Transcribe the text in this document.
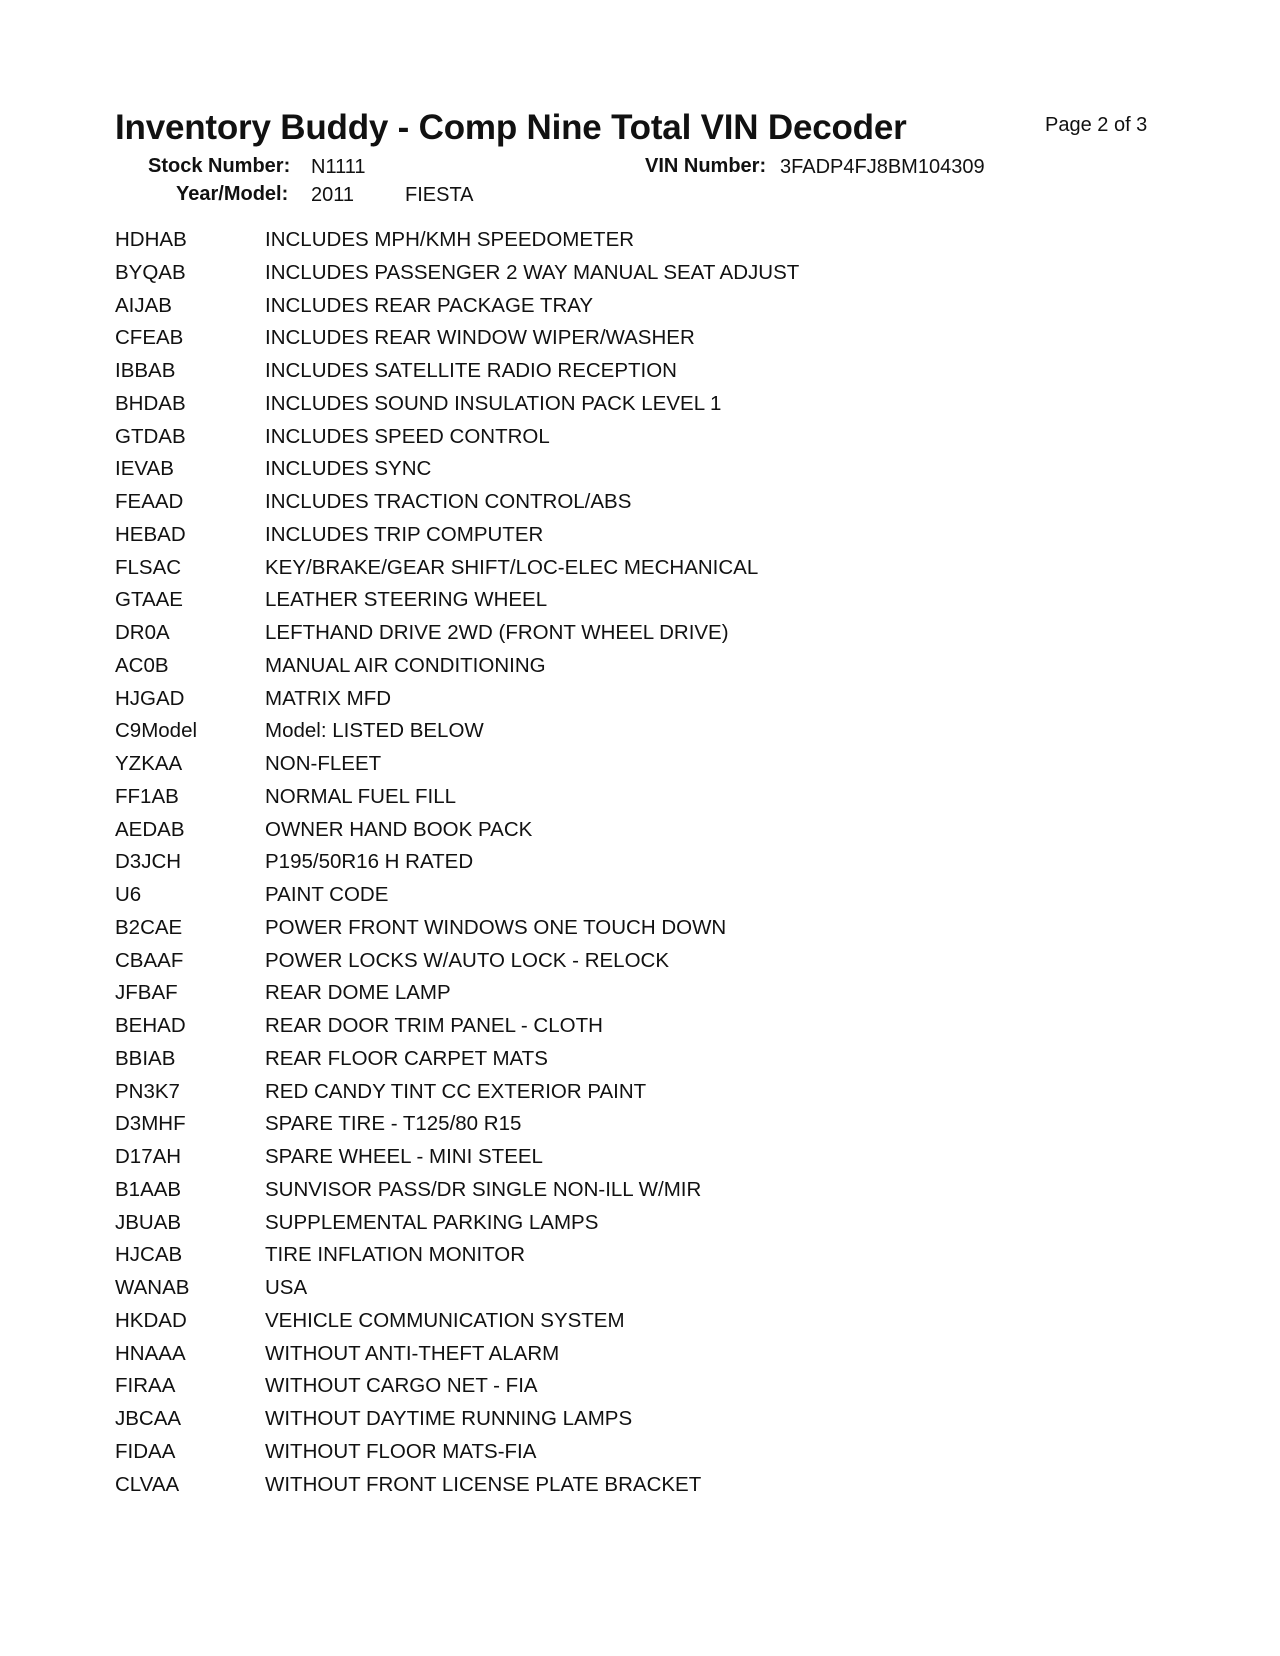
Inventory Buddy - Comp Nine Total VIN Decoder	Page 2 of 3
Stock Number: N1111	VIN Number: 3FADP4FJ8BM104309
Year/Model: 2011	FIESTA
HDHAB	INCLUDES MPH/KMH SPEEDOMETER
BYQAB	INCLUDES PASSENGER 2 WAY MANUAL SEAT ADJUST
AIJAB	INCLUDES REAR PACKAGE TRAY
CFEAB	INCLUDES REAR WINDOW WIPER/WASHER
IBBAB	INCLUDES SATELLITE RADIO RECEPTION
BHDAB	INCLUDES SOUND INSULATION PACK LEVEL 1
GTDAB	INCLUDES SPEED CONTROL
IEVAB	INCLUDES SYNC
FEAAD	INCLUDES TRACTION CONTROL/ABS
HEBAD	INCLUDES TRIP COMPUTER
FLSAC	KEY/BRAKE/GEAR SHIFT/LOC-ELEC MECHANICAL
GTAAE	LEATHER STEERING WHEEL
DR0A	LEFTHAND DRIVE 2WD (FRONT WHEEL DRIVE)
AC0B	MANUAL AIR CONDITIONING
HJGAD	MATRIX MFD
C9Model	Model: LISTED BELOW
YZKAA	NON-FLEET
FF1AB	NORMAL FUEL FILL
AEDAB	OWNER HAND BOOK PACK
D3JCH	P195/50R16 H RATED
U6	PAINT CODE
B2CAE	POWER FRONT WINDOWS ONE TOUCH DOWN
CBAAF	POWER LOCKS W/AUTO LOCK - RELOCK
JFBAF	REAR DOME LAMP
BEHAD	REAR DOOR TRIM PANEL - CLOTH
BBIAB	REAR FLOOR CARPET MATS
PN3K7	RED CANDY TINT CC EXTERIOR PAINT
D3MHF	SPARE TIRE - T125/80 R15
D17AH	SPARE WHEEL - MINI STEEL
B1AAB	SUNVISOR PASS/DR SINGLE NON-ILL W/MIR
JBUAB	SUPPLEMENTAL PARKING LAMPS
HJCAB	TIRE INFLATION MONITOR
WANAB	USA
HKDAD	VEHICLE COMMUNICATION SYSTEM
HNAAA	WITHOUT ANTI-THEFT ALARM
FIRAA	WITHOUT CARGO NET - FIA
JBCAA	WITHOUT DAYTIME RUNNING LAMPS
FIDAA	WITHOUT FLOOR MATS-FIA
CLVAA	WITHOUT FRONT LICENSE PLATE BRACKET
